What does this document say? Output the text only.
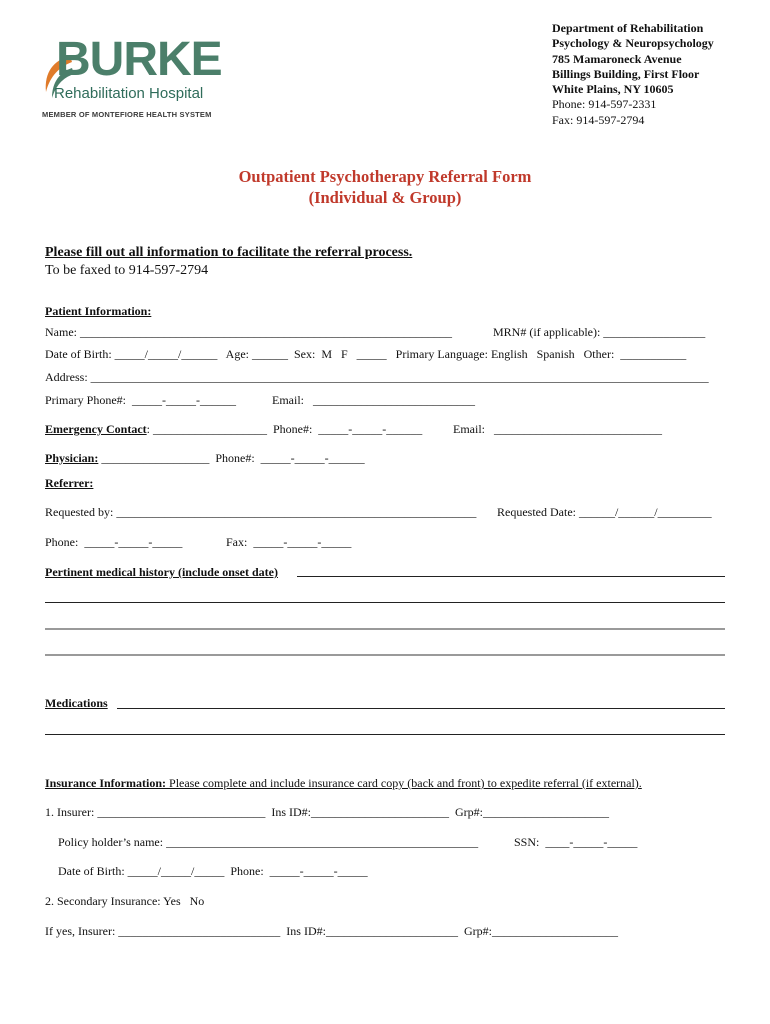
BURKE
Rehabilitation Hospital
MEMBER OF MONTEFIORE HEALTH SYSTEM
Department of Rehabilitation
Psychology & Neuropsychology
785 Mamaroneck Avenue
Billings Building, First Floor
White Plains, NY 10605
Phone: 914-597-2331
Fax: 914-597-2794
Outpatient Psychotherapy Referral Form
(Individual & Group)
Please fill out all information to facilitate the referral process.
To be faxed to 914-597-2794
Patient Information:
Name: ______________________________________________________________	MRN# (if applicable): _________________
Date of Birth: _____/_____/______   Age: ______  Sex:  M   F   _____   Primary Language: English   Spanish   Other:  ___________
Address: _______________________________________________________________________________________________________
Primary Phone#:  _____-_____-______	Email:   ___________________________
Emergency Contact: ___________________  Phone#:  _____-_____-______	Email:   ____________________________
Physician: __________________  Phone#:  _____-_____-______
Referrer:
Requested by: ____________________________________________________________ Requested Date: ______/______/_________
Phone:  _____-_____-_____	Fax:  _____-_____-_____
Pertinent medical history (include onset date)
Medications
Insurance Information: Please complete and include insurance card copy (back and front) to expedite referral (if external).
1. Insurer: ____________________________  Ins ID#:_______________________  Grp#:_____________________
Policy holder’s name: ____________________________________________________	SSN:  ____-_____-_____
Date of Birth: _____/_____/_____  Phone:  _____-_____-_____
2. Secondary Insurance: Yes   No
If yes, Insurer: ___________________________  Ins ID#:______________________  Grp#:_____________________
